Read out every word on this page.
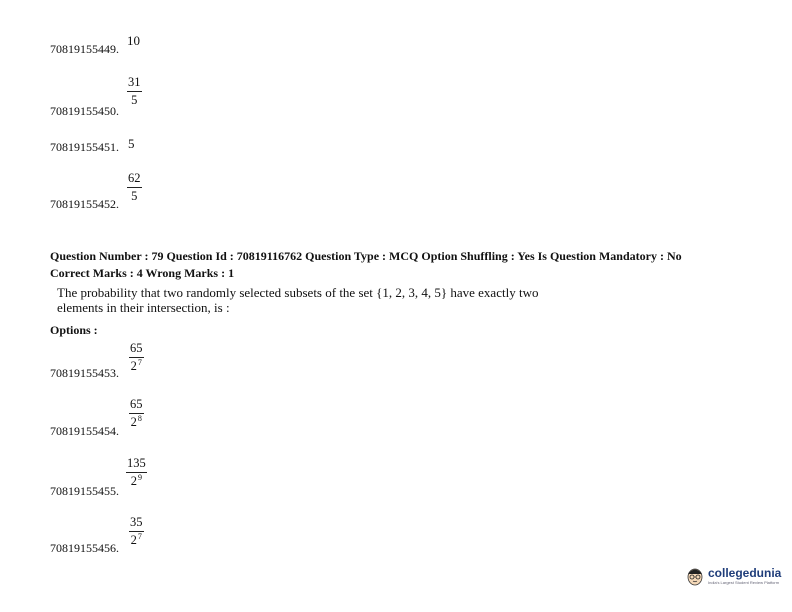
70819155449.
10
70819155450.
$\frac{31}{5}$
70819155451. 5
70819155452.
$\frac{62}{5}$
Question Number : 79 Question Id : 70819116762 Question Type : MCQ Option Shuffling : Yes Is Question Mandatory : No
Correct Marks : 4 Wrong Marks : 1
The probability that two randomly selected subsets of the set {1, 2, 3, 4, 5} have exactly two
elements in their intersection, is :
Options :
70819155453.
$\frac{65}{2^7}$
70819155454.
$\frac{65}{2^8}$
70819155455.
$\frac{135}{2^9}$
70819155456.
$\frac{35}{2^7}$
collegedunia
India's Largest Student Review Platform
